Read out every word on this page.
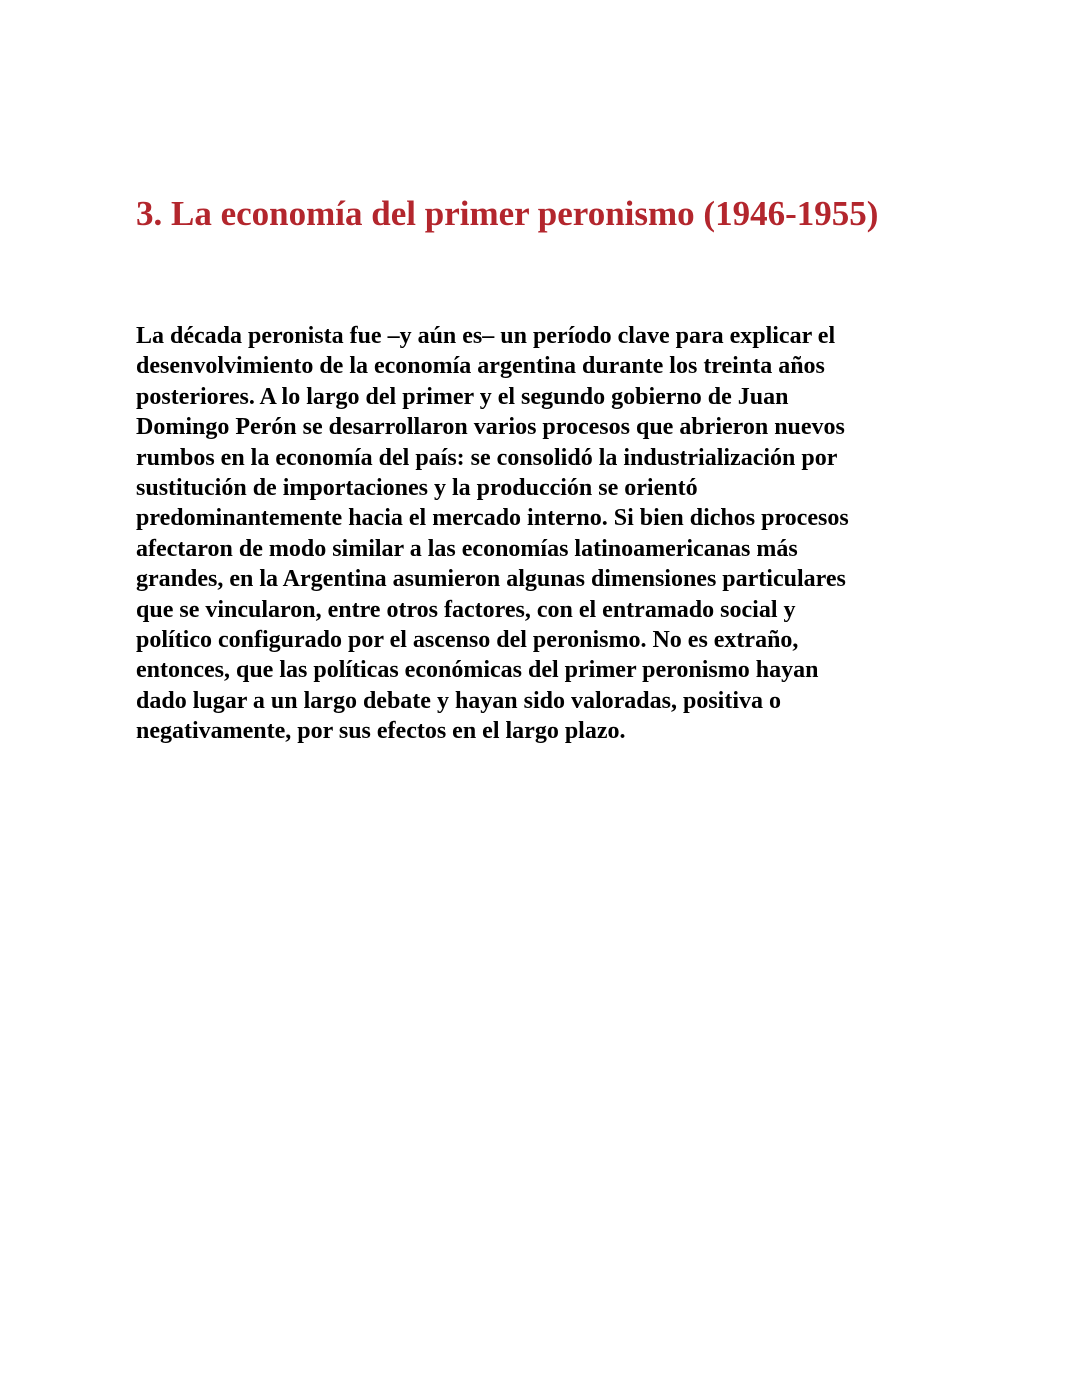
3. La economía del primer peronismo (1946-1955)
La década peronista fue –y aún es– un período clave para explicar el
desenvolvimiento de la economía argentina durante los treinta años
posteriores. A lo largo del primer y el segundo gobierno de Juan
Domingo Perón se desarrollaron varios procesos que abrieron nuevos
rumbos en la economía del país: se consolidó la industrialización por
sustitución de importaciones y la producción se orientó
predominantemente hacia el mercado interno. Si bien dichos procesos
afectaron de modo similar a las economías latinoamericanas más
grandes, en la Argentina asumieron algunas dimensiones particulares
que se vincularon, entre otros factores, con el entramado social y
político configurado por el ascenso del peronismo. No es extraño,
entonces, que las políticas económicas del primer peronismo hayan
dado lugar a un largo debate y hayan sido valoradas, positiva o
negativamente, por sus efectos en el largo plazo.
